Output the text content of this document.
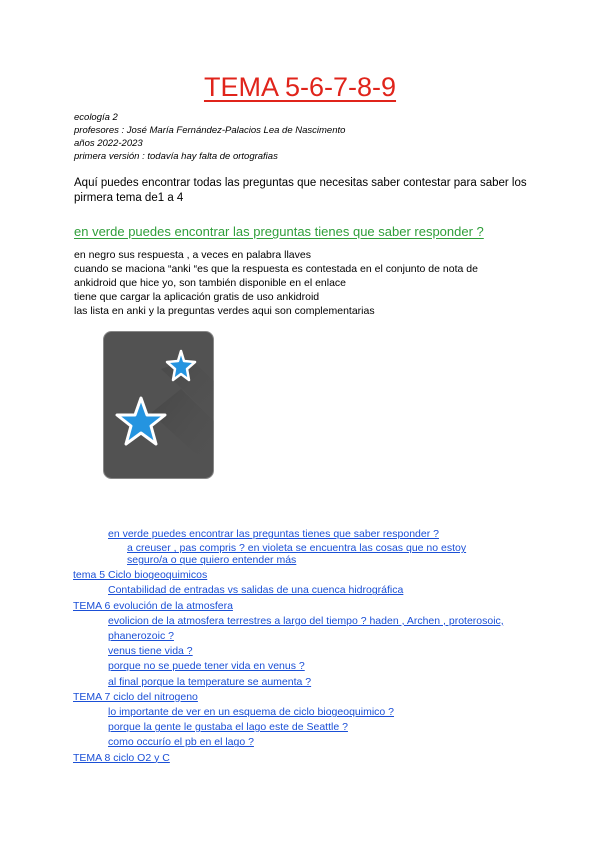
TEMA 5-6-7-8-9
ecología 2
profesores : José María Fernández-Palacios Lea de Nascimento
años 2022-2023
primera versión : todavía hay falta de ortografias
Aquí puedes encontrar todas las preguntas que necesitas saber contestar para saber los pirmera tema de1 a 4
en verde puedes encontrar las preguntas tienes que saber responder ?
en negro sus respuesta , a veces en palabra llaves
cuando se maciona “anki “es que la respuesta es contestada en el conjunto de nota de
ankidroid que hice yo, son también disponible en el enlace
tiene que cargar la aplicación gratis de uso ankidroid
las lista en anki y la preguntas verdes aqui son complementarias
en verde puedes encontrar las preguntas tienes que saber responder ?
a creuser , pas compris ? en violeta se encuentra las cosas que no estoy seguro/a o que quiero entender más
tema 5 Ciclo biogeoquimicos
Contabilidad de entradas vs salidas de una cuenca hidrográfica
TEMA 6 evolución de la atmosfera
evolicion de la atmosfera terrestres a largo del tiempo ? haden , Archen , proterosoic, phanerozoic ?
venus tiene vida ?
porque no se puede tener vida en venus ?
al final porque la temperature se aumenta ?
TEMA 7 ciclo del nitrogeno
lo importante de ver en un esquema de ciclo biogeoquimico ?
porque la gente le gustaba el lago este de Seattle ?
como occurío el pb en el lago ?
TEMA 8 ciclo O2 y C
